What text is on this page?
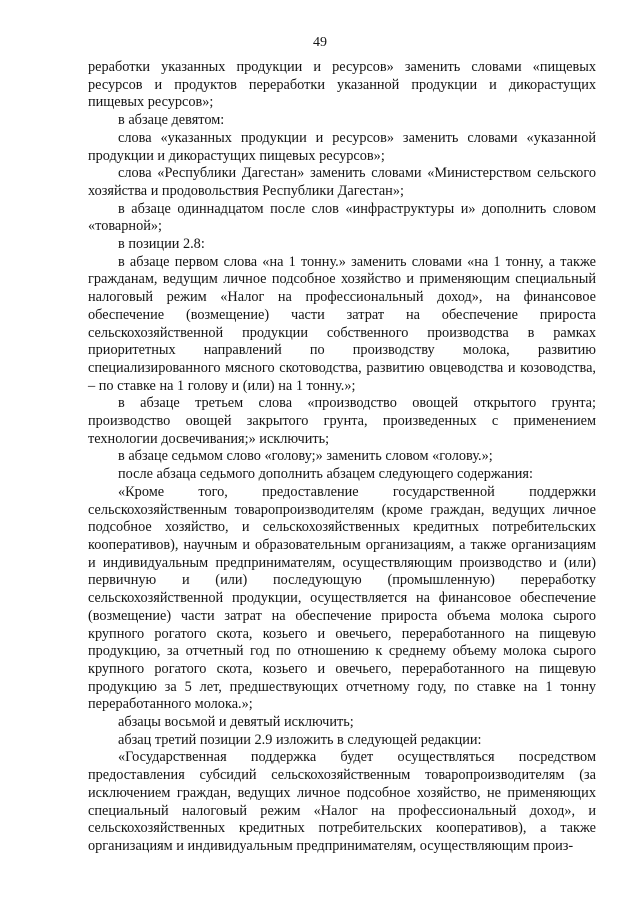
49

реработки указанных продукции и ресурсов» заменить словами «пищевых ресурсов и продуктов переработки указанной продукции и дикорастущих пищевых ресурсов»;

в абзаце девятом:

слова «указанных продукции и ресурсов» заменить словами «указанной продукции и дикорастущих пищевых ресурсов»;

слова «Республики Дагестан» заменить словами «Министерством сельского хозяйства и продовольствия Республики Дагестан»;

в абзаце одиннадцатом после слов «инфраструктуры и» дополнить словом «товарной»;

в позиции 2.8:

в абзаце первом слова «на 1 тонну.» заменить словами «на 1 тонну, а также гражданам, ведущим личное подсобное хозяйство и применяющим специальный налоговый режим «Налог на профессиональный доход», на финансовое обеспечение (возмещение) части затрат на обеспечение прироста сельскохозяйственной продукции собственного производства в рамках приоритетных направлений по производству молока, развитию специализированного мясного скотоводства, развитию овцеводства и козоводства, – по ставке на 1 голову и (или) на 1 тонну.»;

в абзаце третьем слова «производство овощей открытого грунта; производство овощей закрытого грунта, произведенных с применением технологии досвечивания;» исключить;

в абзаце седьмом слово «голову;» заменить словом «голову.»;

после абзаца седьмого дополнить абзацем следующего содержания:

«Кроме того, предоставление государственной поддержки сельскохозяйственным товаропроизводителям (кроме граждан, ведущих личное подсобное хозяйство, и сельскохозяйственных кредитных потребительских кооперативов), научным и образовательным организациям, а также организациям и индивидуальным предпринимателям, осуществляющим производство и (или) первичную и (или) последующую (промышленную) переработку сельскохозяйственной продукции, осуществляется на финансовое обеспечение (возмещение) части затрат на обеспечение прироста объема молока сырого крупного рогатого скота, козьего и овечьего, переработанного на пищевую продукцию, за отчетный год по отношению к среднему объему молока сырого крупного рогатого скота, козьего и овечьего, переработанного на пищевую продукцию за 5 лет, предшествующих отчетному году, по ставке на 1 тонну переработанного молока.»;

абзацы восьмой и девятый исключить;

абзац третий позиции 2.9 изложить в следующей редакции:

«Государственная поддержка будет осуществляться посредством предоставления субсидий сельскохозяйственным товаропроизводителям (за исключением граждан, ведущих личное подсобное хозяйство, не применяющих специальный налоговый режим «Налог на профессиональный доход», и сельскохозяйственных кредитных потребительских кооперативов), а также организациям и индивидуальным предпринимателям, осуществляющим произ-
